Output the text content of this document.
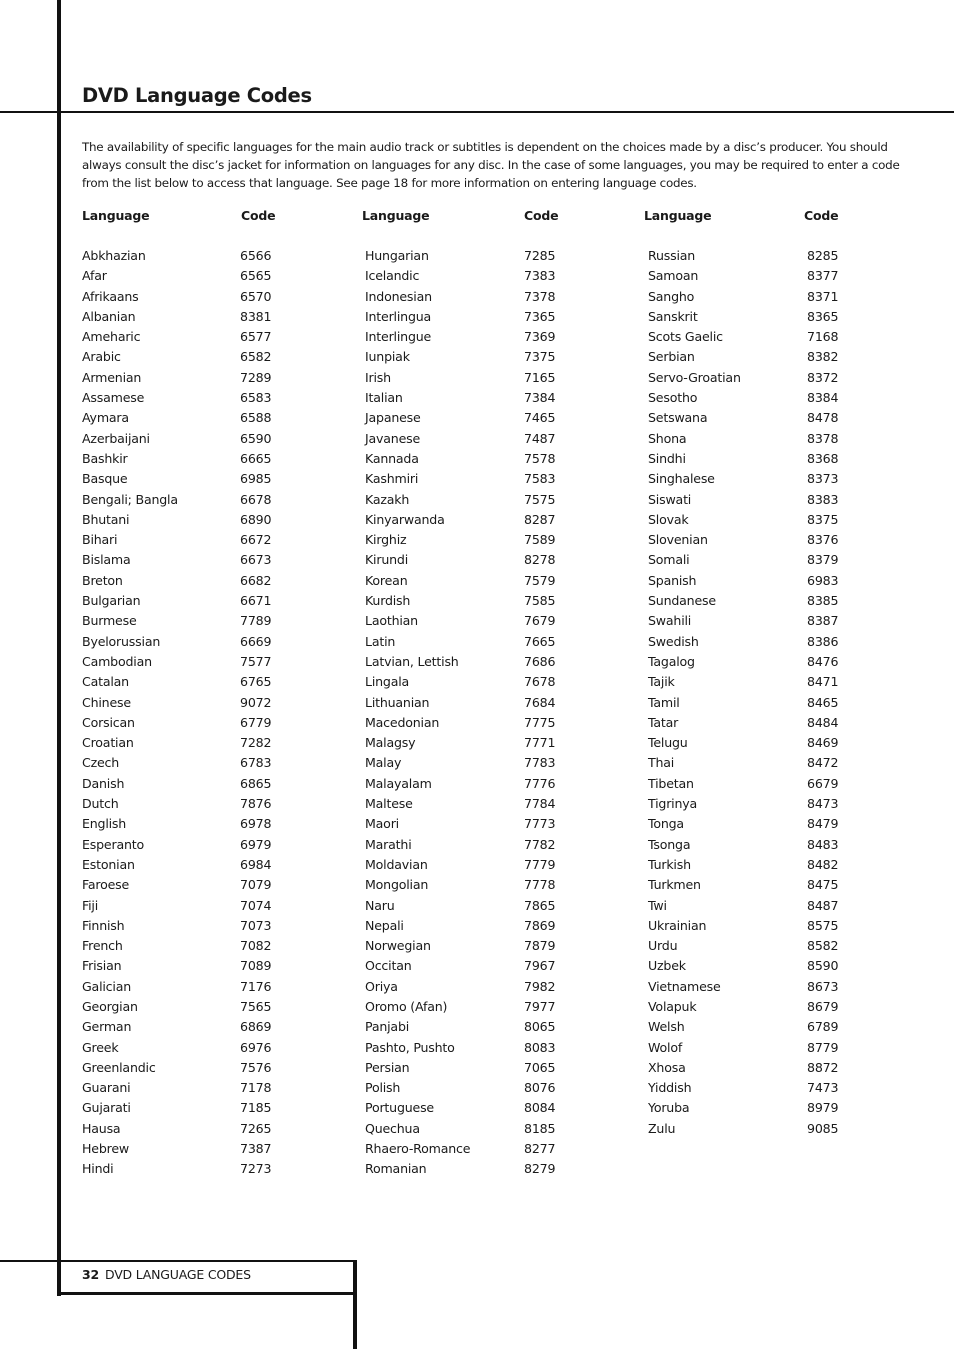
DVD Language Codes

The availability of specific languages for the main audio track or subtitles is dependent on the choices made by a disc’s producer. You should always consult the disc’s jacket for information on languages for any disc. In the case of some languages, you may be required to enter a code from the list below to access that language. See page 18 for more information on entering language codes.

Language	Code
Abkhazian	6566
Afar	6565
Afrikaans	6570
Albanian	8381
Ameharic	6577
Arabic	6582
Armenian	7289
Assamese	6583
Aymara	6588
Azerbaijani	6590
Bashkir	6665
Basque	6985
Bengali; Bangla	6678
Bhutani	6890
Bihari	6672
Bislama	6673
Breton	6682
Bulgarian	6671
Burmese	7789
Byelorussian	6669
Cambodian	7577
Catalan	6765
Chinese	9072
Corsican	6779
Croatian	7282
Czech	6783
Danish	6865
Dutch	7876
English	6978
Esperanto	6979
Estonian	6984
Faroese	7079
Fiji	7074
Finnish	7073
French	7082
Frisian	7089
Galician	7176
Georgian	7565
German	6869
Greek	6976
Greenlandic	7576
Guarani	7178
Gujarati	7185
Hausa	7265
Hebrew	7387
Hindi	7273
Language	Code
Hungarian	7285
Icelandic	7383
Indonesian	7378
Interlingua	7365
Interlingue	7369
Iunpiak	7375
Irish	7165
Italian	7384
Japanese	7465
Javanese	7487
Kannada	7578
Kashmiri	7583
Kazakh	7575
Kinyarwanda	8287
Kirghiz	7589
Kirundi	8278
Korean	7579
Kurdish	7585
Laothian	7679
Latin	7665
Latvian, Lettish	7686
Lingala	7678
Lithuanian	7684
Macedonian	7775
Malagsy	7771
Malay	7783
Malayalam	7776
Maltese	7784
Maori	7773
Marathi	7782
Moldavian	7779
Mongolian	7778
Naru	7865
Nepali	7869
Norwegian	7879
Occitan	7967
Oriya	7982
Oromo (Afan)	7977
Panjabi	8065
Pashto, Pushto	8083
Persian	7065
Polish	8076
Portuguese	8084
Quechua	8185
Rhaero-Romance	8277
Romanian	8279
Language	Code
Russian	8285
Samoan	8377
Sangho	8371
Sanskrit	8365
Scots Gaelic	7168
Serbian	8382
Servo-Groatian	8372
Sesotho	8384
Setswana	8478
Shona	8378
Sindhi	8368
Singhalese	8373
Siswati	8383
Slovak	8375
Slovenian	8376
Somali	8379
Spanish	6983
Sundanese	8385
Swahili	8387
Swedish	8386
Tagalog	8476
Tajik	8471
Tamil	8465
Tatar	8484
Telugu	8469
Thai	8472
Tibetan	6679
Tigrinya	8473
Tonga	8479
Tsonga	8483
Turkish	8482
Turkmen	8475
Twi	8487
Ukrainian	8575
Urdu	8582
Uzbek	8590
Vietnamese	8673
Volapuk	8679
Welsh	6789
Wolof	8779
Xhosa	8872
Yiddish	7473
Yoruba	8979
Zulu	9085
32 DVD LANGUAGE CODES
